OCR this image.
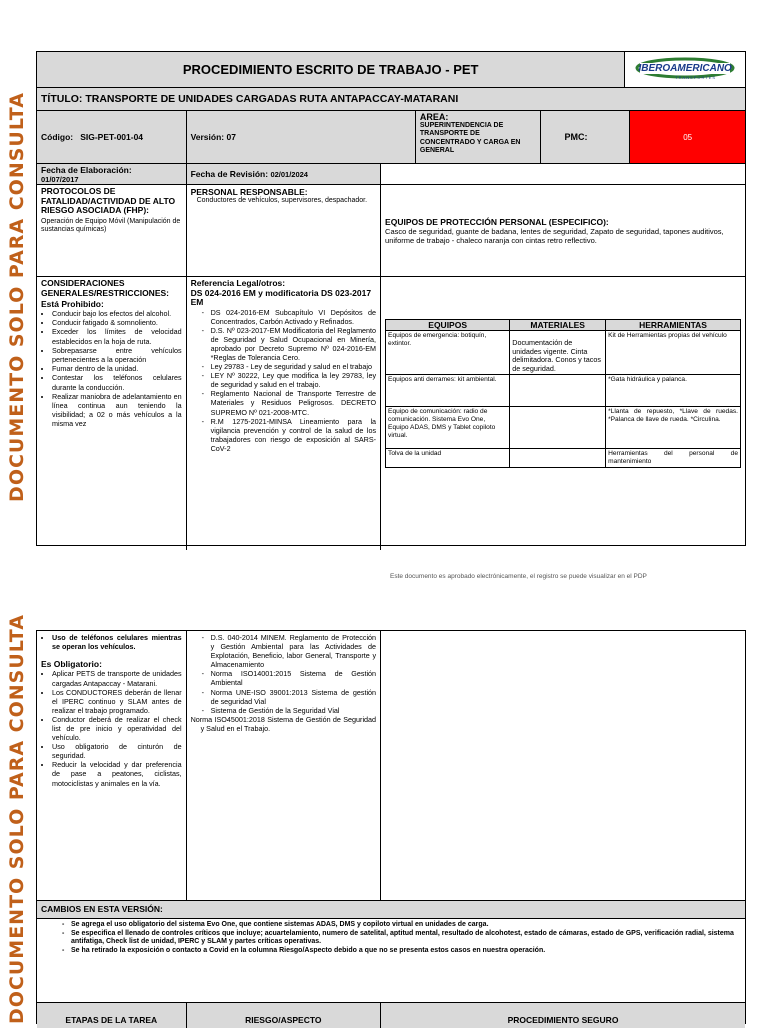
DOCUMENTO SOLO PARA CONSULTA
DOCUMENTO SOLO PARA CONSULTA
PROCEDIMIENTO ESCRITO DE TRABAJO - PET	IBEROAMERICANO
TRANSPORTES
TÍTULO: TRANSPORTE DE UNIDADES CARGADAS RUTA ANTAPACCAY-MATARANI
Código:
SIG-PET-001-04	Versión: 07
AREA:
SUPERINTENDENCIA DE TRANSPORTE DE CONCENTRADO Y CARGA EN GENERAL
PMC:	05
Fecha de Elaboración:
01/07/2017
Fecha de Revisión:
02/01/2024
PROTOCOLOS DE FATALIDAD/ACTIVIDAD DE ALTO RIESGO ASOCIADA (FHP):
Operación de Equipo Móvil (Manipulación de sustancias químicas)
PERSONAL RESPONSABLE:
Conductores de vehículos, supervisores, despachador.
EQUIPOS DE PROTECCIÓN PERSONAL (ESPECIFICO):
Casco de seguridad, guante de badana, lentes de seguridad, Zapato de seguridad, tapones auditivos, uniforme de trabajo - chaleco naranja con cintas retro reflectivo.
CONSIDERACIONES GENERALES/RESTRICCIONES:
Está Prohibido:
• Conducir bajo los efectos del alcohol.
• Conducir fatigado & somnoliento.
• Exceder los límites de velocidad establecidos en la hoja de ruta.
• Sobrepasarse entre vehículos pertenecientes a la operación
• Fumar dentro de la unidad.
• Contestar los teléfonos celulares durante la conducción.
• Realizar maniobra de adelantamiento en línea continua aun teniendo la visibilidad; a 02 o más vehículos a la misma vez
Referencia Legal/otros:
DS 024-2016 EM y modificatoria DS 023-2017 EM
- DS 024-2016-EM Subcapítulo VI Depósitos de Concentrados, Carbón Activado y Refinados.
- D.S. Nº 023-2017-EM Modificatoria del Reglamento de Seguridad y Salud Ocupacional en Minería, aprobado por Decreto Supremo Nº 024-2016-EM *Reglas de Tolerancia Cero.
- Ley 29783 - Ley de seguridad y salud en el trabajo
- LEY Nº 30222, Ley que modifica la ley 29783, ley de seguridad y salud en el trabajo.
- Reglamento Nacional de Transporte Terrestre de Materiales y Residuos Peligrosos. DECRETO SUPREMO Nº 021-2008-MTC.
- R.M 1275-2021-MINSA Lineamiento para la vigilancia prevención y control de la salud de los trabajadores con riesgo de exposición al SARS-CoV-2
EQUIPOS	MATERIALES	HERRAMIENTAS
Equipos de emergencia: botiquín, extintor.	Documentación de unidades vigente. Cinta delimitadora. Conos y tacos de seguridad.	Kit de Herramientas propias del vehículo
Equipos anti derrames: kit ambiental.		*Gata hidráulica y palanca.
Equipo de comunicación: radio de comunicación. Sistema Evo One, Equipo ADAS, DMS y Tablet copiloto virtual.		*Llanta de repuesto, *Llave de ruedas. *Palanca de llave de rueda. *Circulina.
Tolva de la unidad		Herramientas del personal de mantenimiento
Este documento es aprobado electrónicamente, el registro se puede visualizar en el PDP
• Uso de teléfonos celulares mientras se operan los vehículos.
Es Obligatorio:
• Aplicar PETS de transporte de unidades cargadas Antapaccay - Matarani.
• Los CONDUCTORES deberán de llenar el IPERC continuo y SLAM antes de realizar el trabajo programado.
• Conductor deberá de realizar el check list de pre inicio y operatividad del vehículo.
• Uso obligatorio de cinturón de seguridad.
• Reducir la velocidad y dar preferencia de pase a peatones, ciclistas, motociclistas y animales en la vía.
- D.S. 040-2014 MINEM. Reglamento de Protección y Gestión Ambiental para las Actividades de Explotación, Beneficio, labor General, Transporte y Almacenamiento
- Norma ISO14001:2015 Sistema de Gestión Ambiental
- Norma UNE-ISO 39001:2013 Sistema de gestión de seguridad Vial
- Sistema de Gestión de la Seguridad Vial
Norma ISO45001:2018 Sistema de Gestión de Seguridad y Salud en el Trabajo.
CAMBIOS EN ESTA VERSIÓN:
- Se agrega el uso obligatorio del sistema Evo One, que contiene sistemas ADAS, DMS y copiloto virtual en unidades de carga.
- Se especifica el llenado de controles críticos que incluye; acuartelamiento, numero de satelital, aptitud mental, resultado de alcohotest, estado de cámaras, estado de GPS, verificación radial, sistema antifatiga, Check list de unidad, IPERC y SLAM y partes críticas operativas.
- Se ha retirado la exposición o contacto a Covid en la columna Riesgo/Aspecto debido a que no se presenta estos casos en nuestra operación.
ETAPAS DE LA TAREA	RIESGO/ASPECTO	PROCEDIMIENTO SEGURO
